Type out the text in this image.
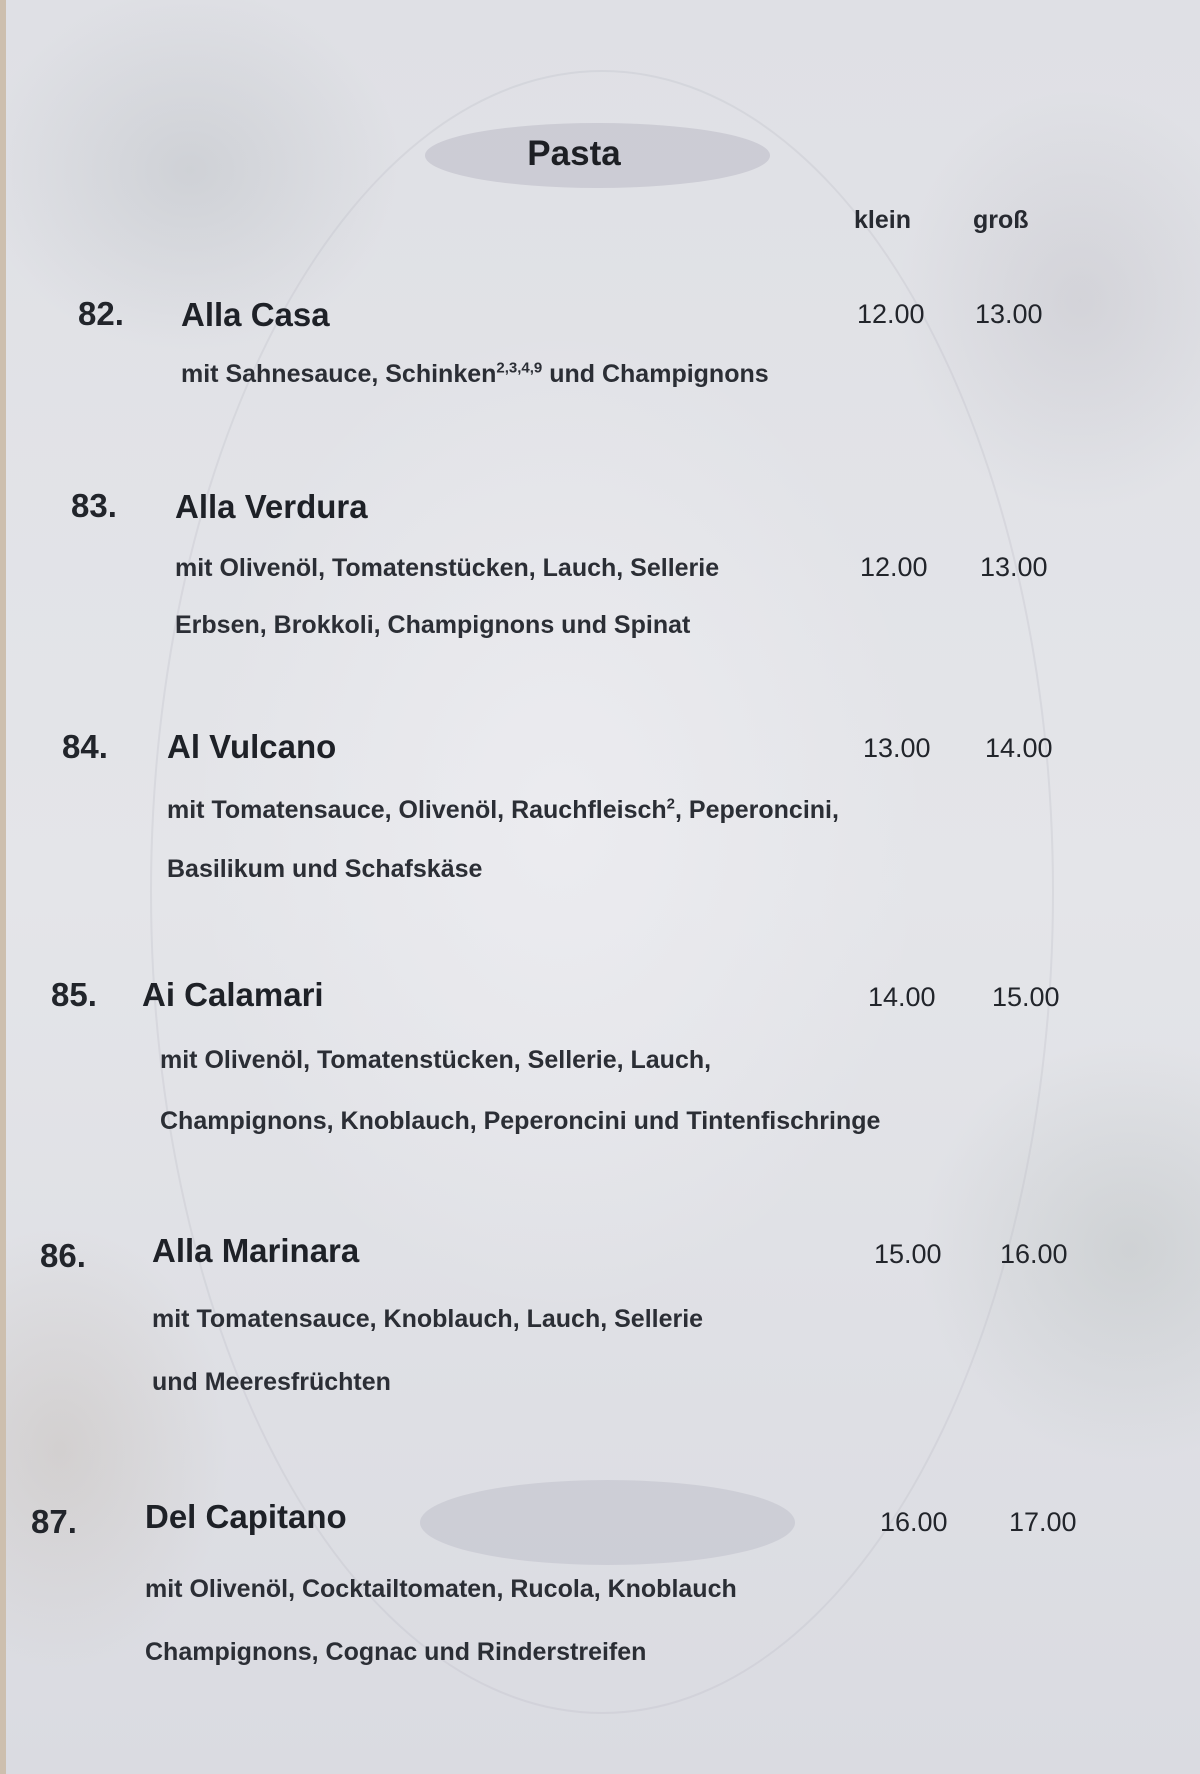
Pasta
klein groß
82. Alla Casa
mit Sahnesauce, Schinken$^{2,3,4,9}$ und Champignons
12.00 13.00
83. Alla Verdura
mit Olivenöl, Tomatenstücken, Lauch, Sellerie
Erbsen, Brokkoli, Champignons und Spinat
12.00 13.00
84. Al Vulcano
mit Tomatensauce, Olivenöl, Rauchfleisch$^2$, Peperoncini,
Basilikum und Schafskäse
13.00 14.00
85. Ai Calamari
mit Olivenöl, Tomatenstücken, Sellerie, Lauch,
Champignons, Knoblauch, Peperoncini und Tintenfischringe
14.00 15.00
86. Alla Marinara
mit Tomatensauce, Knoblauch, Lauch, Sellerie
und Meeresfrüchten
15.00 16.00
87. Del Capitano
mit Olivenöl, Cocktailtomaten, Rucola, Knoblauch
Champignons, Cognac und Rinderstreifen
16.00 17.00
